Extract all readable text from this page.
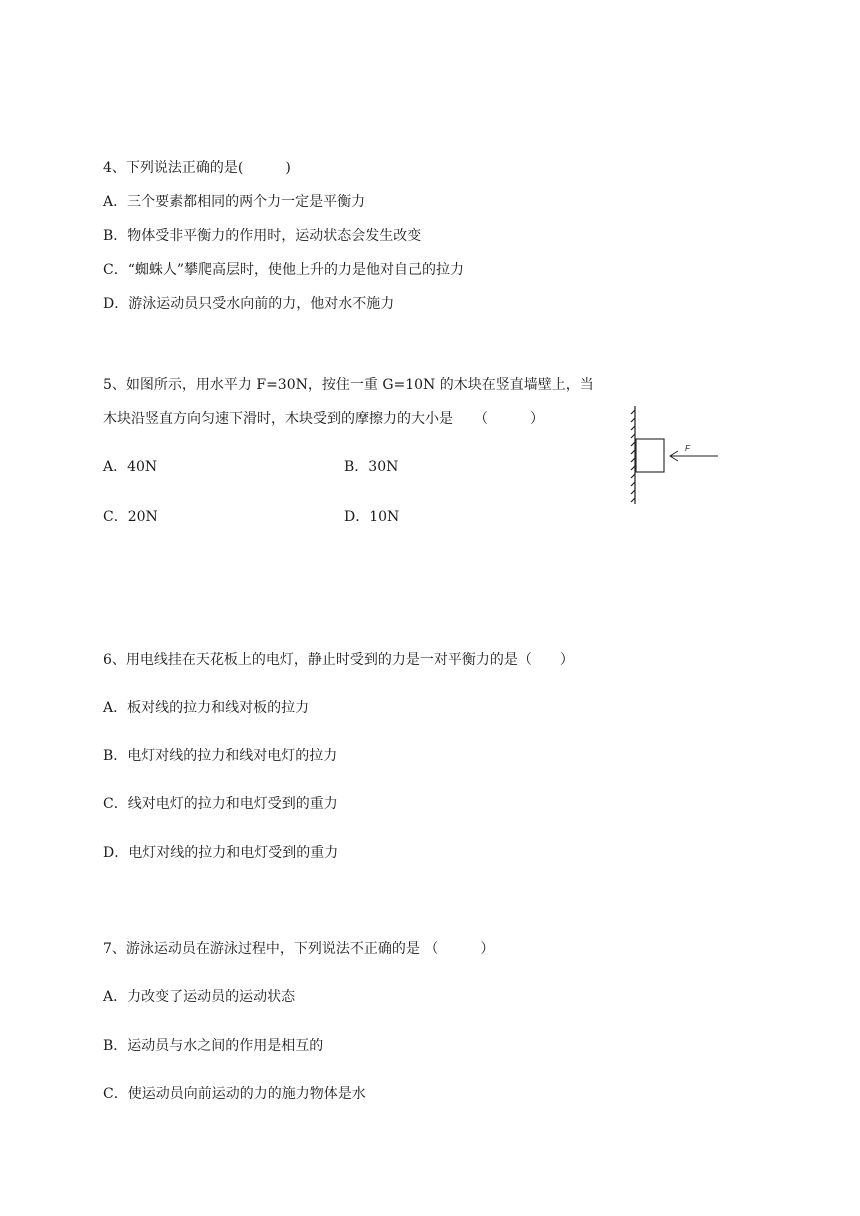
4、下列说法正确的是(　　　)
A．三个要素都相同的两个力一定是平衡力
B．物体受非平衡力的作用时，运动状态会发生改变
C．“蜘蛛人”攀爬高层时，使他上升的力是他对自己的拉力
D．游泳运动员只受水向前的力，他对水不施力
5、如图所示，用水平力 F=30N，按住一重 G=10N 的木块在竖直墙壁上，当
木块沿竖直方向匀速下滑时，木块受到的摩擦力的大小是　　（　　　）
A．40N	B．30N
C．20N	D．10N
F
6、用电线挂在天花板上的电灯，静止时受到的力是一对平衡力的是（　　）
A．板对线的拉力和线对板的拉力
B．电灯对线的拉力和线对电灯的拉力
C．线对电灯的拉力和电灯受到的重力
D．电灯对线的拉力和电灯受到的重力
7、游泳运动员在游泳过程中，下列说法不正确的是 （　　　）
A．力改变了运动员的运动状态
B．运动员与水之间的作用是相互的
C．使运动员向前运动的力的施力物体是水
